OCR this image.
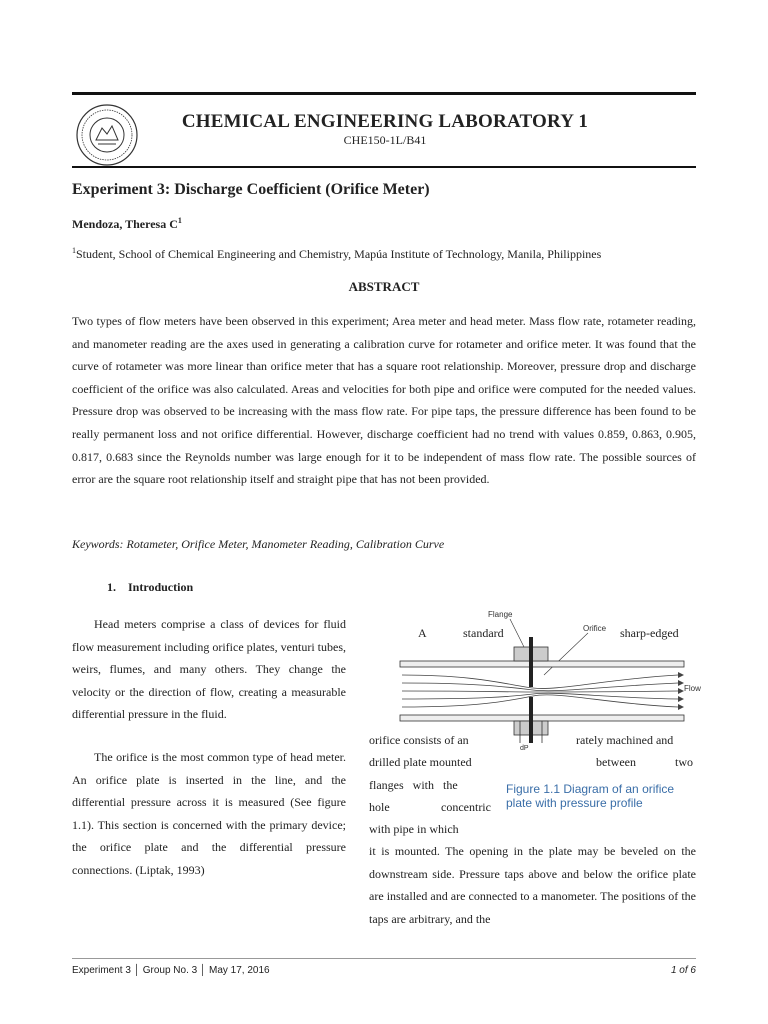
CHEMICAL ENGINEERING LABORATORY 1
CHE150-1L/B41
Experiment 3: Discharge Coefficient (Orifice Meter)
Mendoza, Theresa $C^1$
$^1$Student, School of Chemical Engineering and Chemistry, Mapúa Institute of Technology, Manila, Philippines
ABSTRACT
Two types of flow meters have been observed in this experiment; Area meter and head meter. Mass flow rate, rotameter reading, and manometer reading are the axes used in generating a calibration curve for rotameter and orifice meter. It was found that the curve of rotameter was more linear than orifice meter that has a square root relationship. Moreover, pressure drop and discharge coefficient of the orifice was also calculated. Areas and velocities for both pipe and orifice were computed for the needed values. Pressure drop was observed to be increasing with the mass flow rate. For pipe taps, the pressure difference has been found to be really permanent loss and not orifice differential. However, discharge coefficient had no trend with values 0.859, 0.863, 0.905, 0.817, 0.683 since the Reynolds number was large enough for it to be independent of mass flow rate. The possible sources of error are the square root relationship itself and straight pipe that has not been provided.
Keywords: Rotameter, Orifice Meter, Manometer Reading, Calibration Curve
1.    Introduction
Head meters comprise a class of devices for fluid flow measurement including orifice plates, venturi tubes, weirs, flumes, and many others. They change the velocity or the direction of flow, creating a measurable differential pressure in the fluid.
The orifice is the most common type of head meter. An orifice plate is inserted in the line, and the differential pressure across it is measured (See figure 1.1). This section is concerned with the primary device; the orifice plate and the differential pressure connections. (Liptak, 1993)
A	standard	sharp-edged
Flange
Orifice
Flow
dP
orifice consists of an	rately machined and
drilled plate mounted	between	two
flanges   with   the
hole	concentric
with pipe in which
Figure 1.1 Diagram of an orifice plate with pressure profile
it is mounted. The opening in the plate may be beveled on the downstream side. Pressure taps above and below the orifice plate are installed and are connected to a manometer. The positions of the taps are arbitrary, and the
Experiment 3 │ Group No. 3 │ May 17, 2016	1 of 6
